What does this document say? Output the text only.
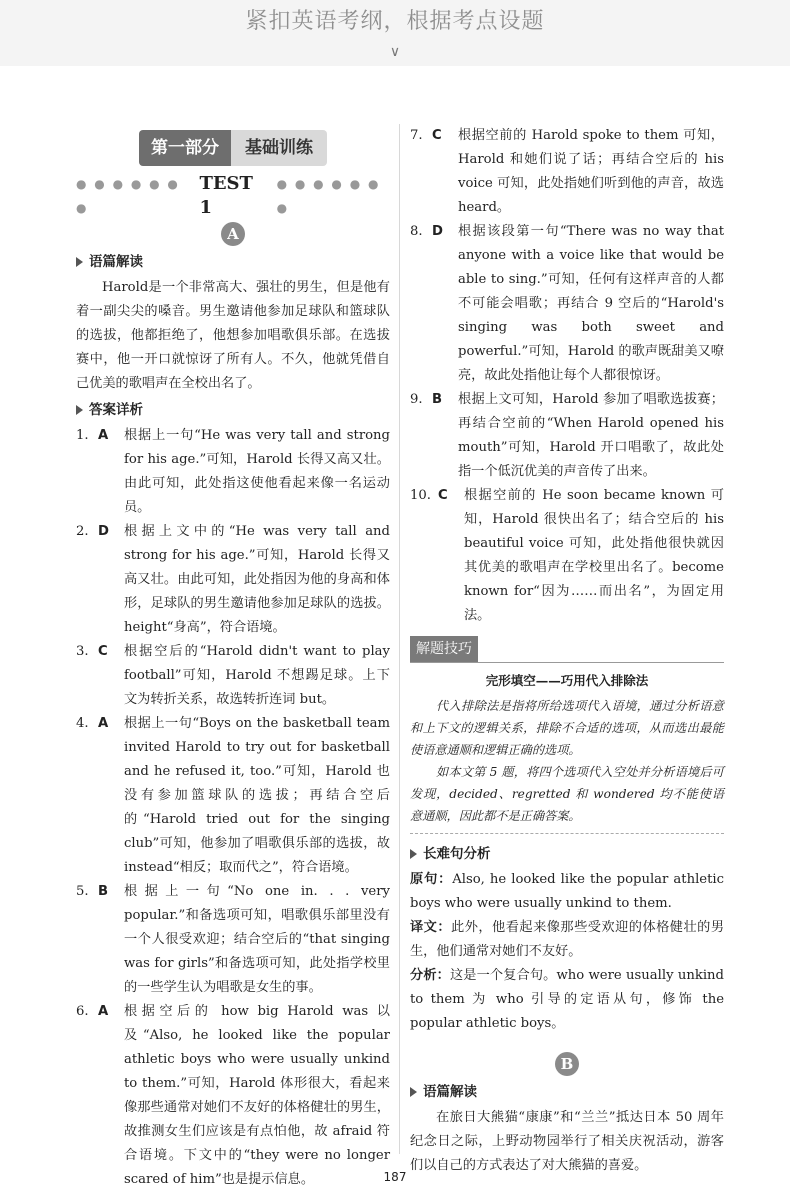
紧扣英语考纲，根据考点设题
∨
第一部分	基础训练
● ● ● ● ● ● ●
TEST 1
● ● ● ● ● ● ●
A
语篇解读

Harold是一个非常高大、强壮的男生，但是他有着一副尖尖的嗓音。男生邀请他参加足球队和篮球队的选拔，他都拒绝了，他想参加唱歌俱乐部。在选拔赛中，他一开口就惊讶了所有人。不久，他就凭借自己优美的歌唱声在全校出名了。

答案详析
1. A	根据上一句“He was very tall and strong for his age.”可知，Harold 长得又高又壮。由此可知，此处指这使他看起来像一名运动员。
2. D	根据上文中的“He was very tall and strong for his age.”可知，Harold 长得又高又壮。由此可知，此处指因为他的身高和体形，足球队的男生邀请他参加足球队的选拔。height“身高”，符合语境。
3. C	根据空后的“Harold didn't want to play football”可知，Harold 不想踢足球。上下文为转折关系，故选转折连词 but。
4. A	根据上一句“Boys on the basketball team invited Harold to try out for basketball and he refused it, too.”可知，Harold 也没有参加篮球队的选拔；再结合空后的“Harold tried out for the singing club”可知，他参加了唱歌俱乐部的选拔，故 instead“相反；取而代之”，符合语境。
5. B	根据上一句“No one in. . . very popular.”和备选项可知，唱歌俱乐部里没有一个人很受欢迎；结合空后的“that singing was for girls”和备选项可知，此处指学校里的一些学生认为唱歌是女生的事。
6. A	根据空后的 how big Harold was 以及“Also, he looked like the popular athletic boys who were usually unkind to them.”可知，Harold 体形很大，看起来像那些通常对她们不友好的体格健壮的男生，故推测女生们应该是有点怕他，故 afraid 符合语境。下文中的“they were no longer scared of him”也是提示信息。
7. C	根据空前的 Harold spoke to them 可知，Harold 和她们说了话；再结合空后的 his voice 可知，此处指她们听到他的声音，故选 heard。
8. D	根据该段第一句“There was no way that anyone with a voice like that would be able to sing.”可知，任何有这样声音的人都不可能会唱歌；再结合 9 空后的“Harold's singing was both sweet and powerful.”可知，Harold 的歌声既甜美又嘹亮，故此处指他让每个人都很惊讶。
9. B	根据上文可知，Harold 参加了唱歌选拔赛；再结合空前的“When Harold opened his mouth”可知，Harold 开口唱歌了，故此处指一个低沉优美的声音传了出来。
10. C	根据空前的 He soon became known 可知，Harold 很快出名了；结合空后的 his beautiful voice 可知，此处指他很快就因其优美的歌唱声在学校里出名了。become known for“因为……而出名”，为固定用法。
解题技巧
完形填空——巧用代入排除法

代入排除法是指将所给选项代入语境，通过分析语意和上下文的逻辑关系，排除不合适的选项，从而选出最能使语意通顺和逻辑正确的选项。

如本文第 5 题，将四个选项代入空处并分析语境后可发现，decided、regretted 和 wondered 均不能使语意通顺，因此都不是正确答案。

长难句分析

原句：Also, he looked like the popular athletic boys who were usually unkind to them.

译文：此外，他看起来像那些受欢迎的体格健壮的男生，他们通常对她们不友好。

分析：这是一个复合句。who were usually unkind to them 为 who 引导的定语从句，修饰 the popular athletic boys。

B
语篇解读

在旅日大熊猫“康康”和“兰兰”抵达日本 50 周年纪念日之际，上野动物园举行了相关庆祝活动，游客们以自己的方式表达了对大熊猫的喜爱。

187
